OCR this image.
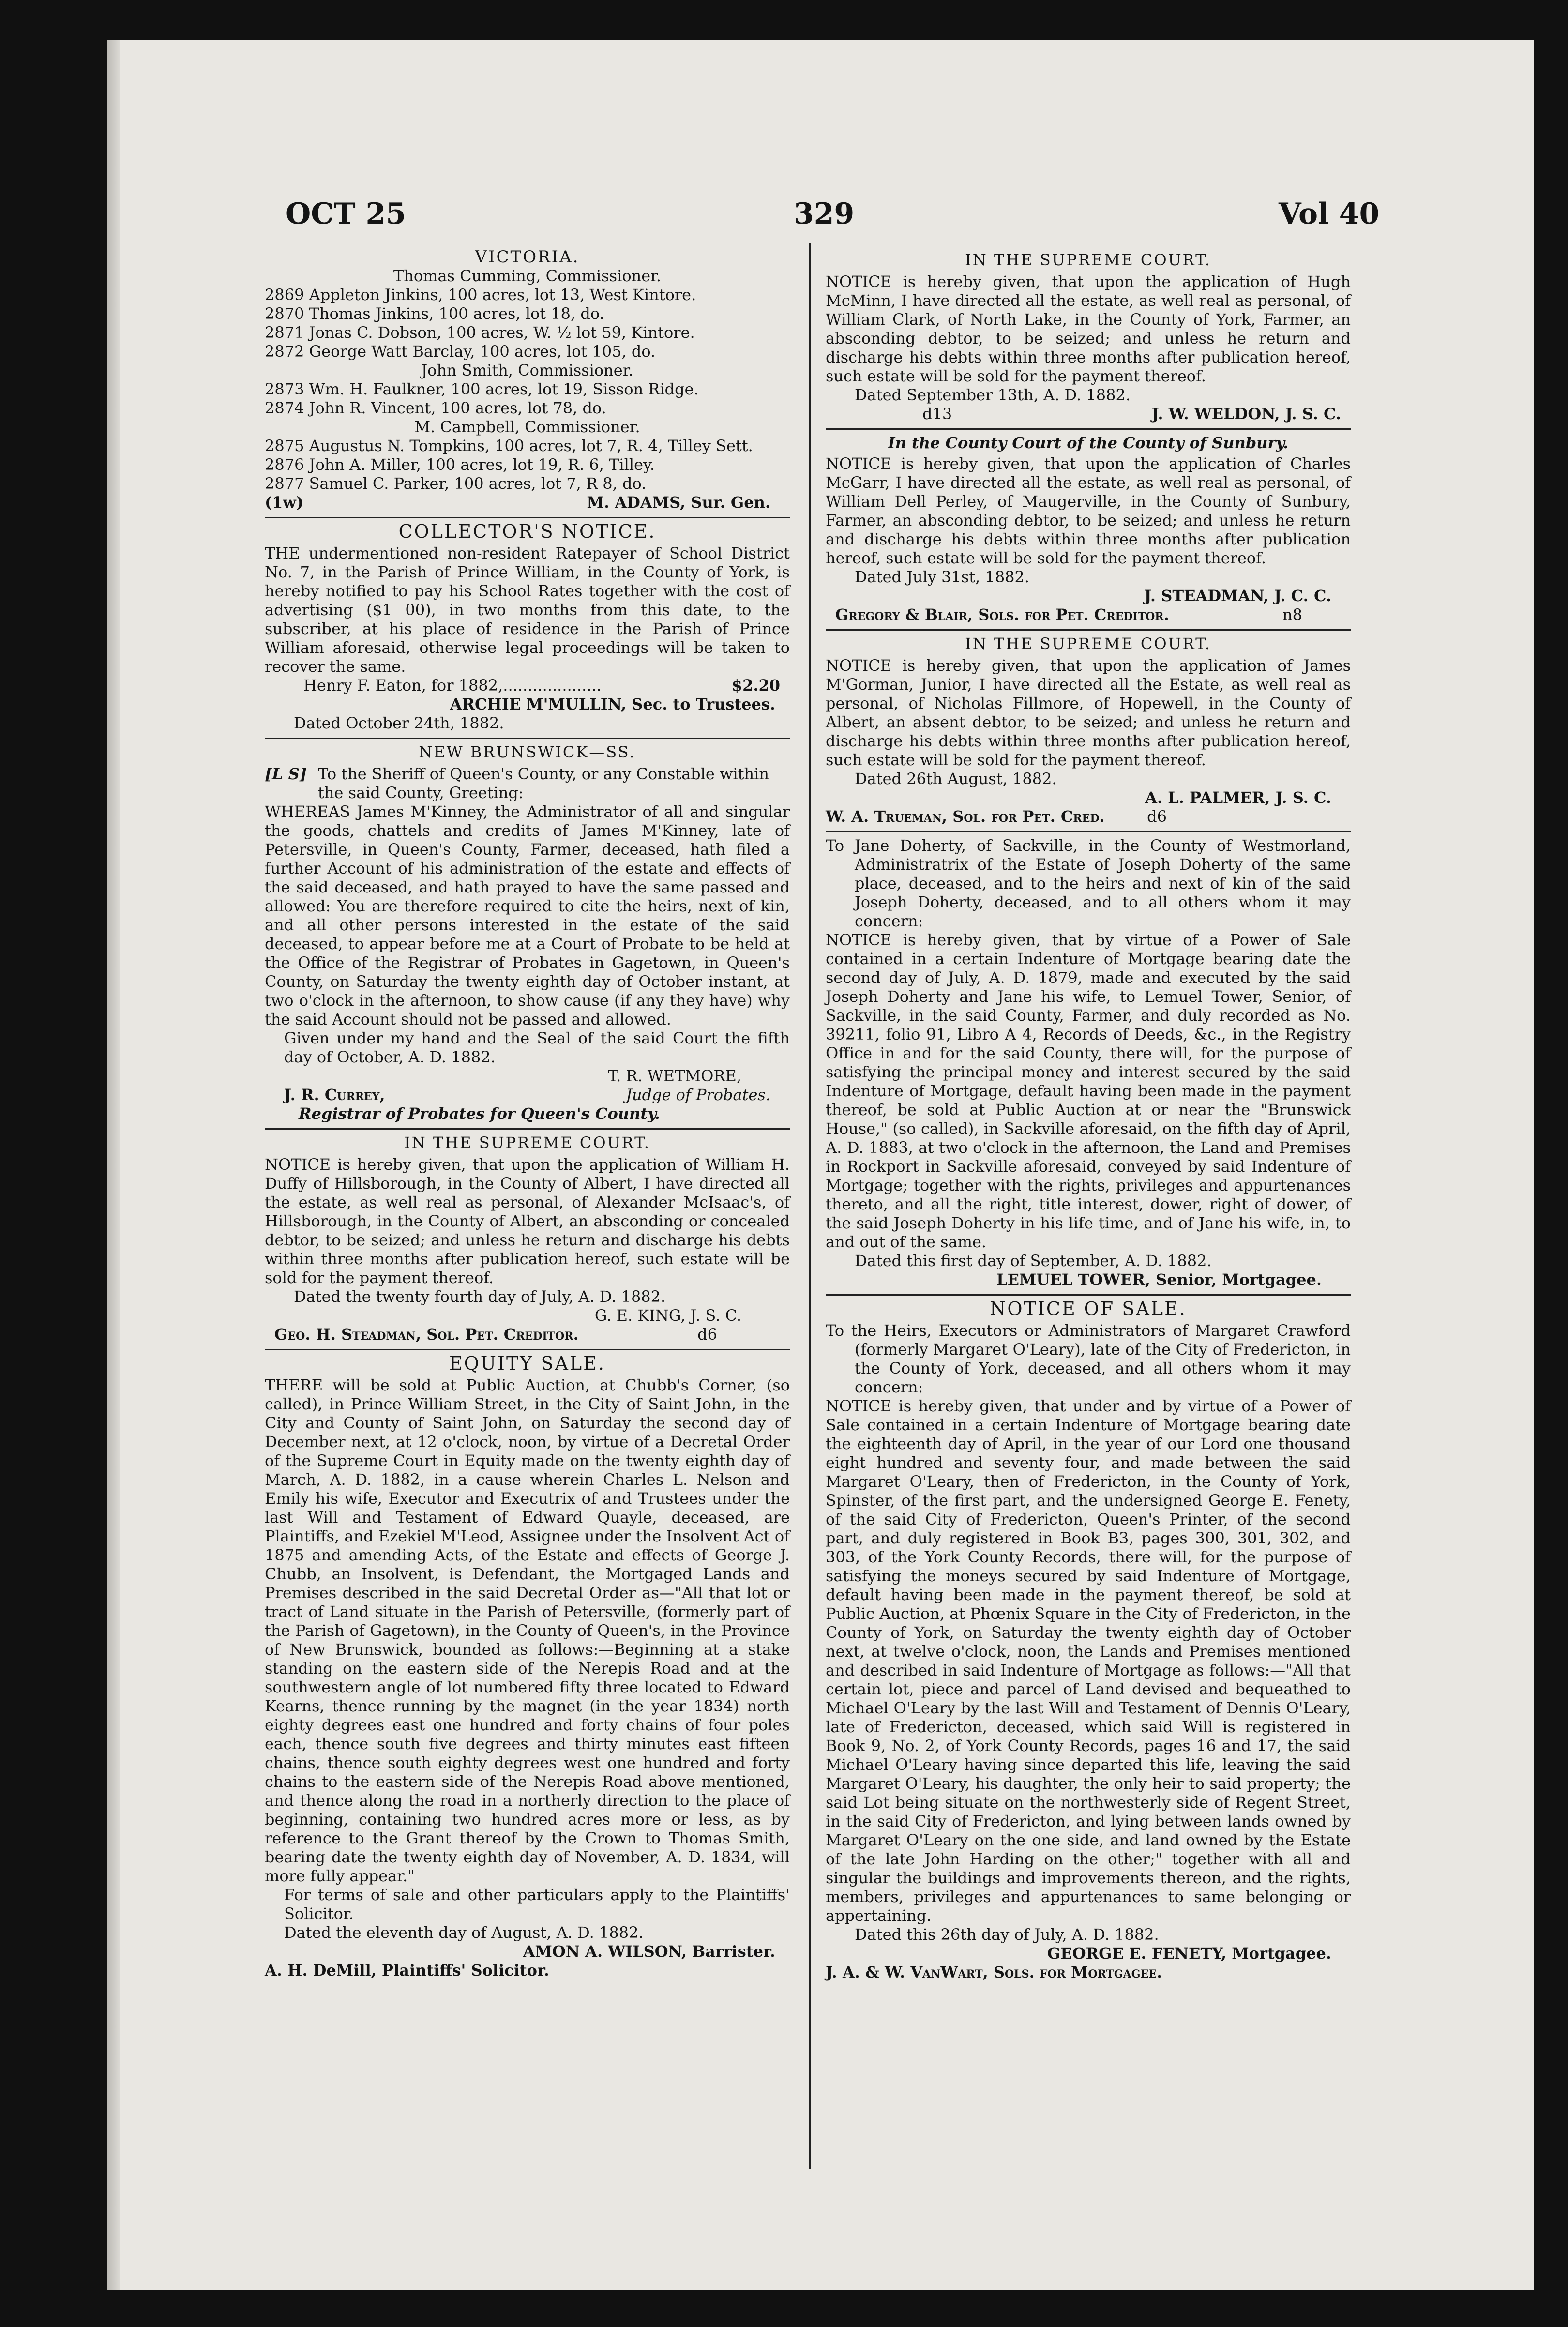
OCT 25	329	Vol 40
VICTORIA.
Thomas Cumming, Commissioner.
2869 Appleton Jinkins, 100 acres, lot 13, West Kintore.
2870 Thomas Jinkins, 100 acres, lot 18, do.
2871 Jonas C. Dobson, 100 acres, W. ½ lot 59, Kintore.
2872 George Watt Barclay, 100 acres, lot 105, do.
John Smith, Commissioner.
2873 Wm. H. Faulkner, 100 acres, lot 19, Sisson Ridge.
2874 John R. Vincent, 100 acres, lot 78, do.
M. Campbell, Commissioner.
2875 Augustus N. Tompkins, 100 acres, lot 7, R. 4, Tilley Sett.
2876 John A. Miller, 100 acres, lot 19, R. 6, Tilley.
2877 Samuel C. Parker, 100 acres, lot 7, R 8, do.
(1w)	M. ADAMS, Sur. Gen.
COLLECTOR'S NOTICE.

THE undermentioned non-resident Ratepayer of School District No. 7, in the Parish of Prince William, in the County of York, is hereby notified to pay his School Rates together with the cost of advertising ($1 00), in two months from this date, to the subscriber, at his place of residence in the Parish of Prince William aforesaid, otherwise legal proceedings will be taken to recover the same.

Henry F. Eaton, for 1882,....................	$2.20
ARCHIE M'MULLIN, Sec. to Trustees.
Dated October 24th, 1882.
NEW BRUNSWICK—SS.
[L S] To the Sheriff of Queen's County, or any Constable within the said County, Greeting:

WHEREAS James M'Kinney, the Administrator of all and singular the goods, chattels and credits of James M'Kinney, late of Petersville, in Queen's County, Farmer, deceased, hath filed a further Account of his administration of the estate and effects of the said deceased, and hath prayed to have the same passed and allowed: You are therefore required to cite the heirs, next of kin, and all other persons interested in the estate of the said deceased, to appear before me at a Court of Probate to be held at the Office of the Registrar of Probates in Gagetown, in Queen's County, on Saturday the twenty eighth day of October instant, at two o'clock in the afternoon, to show cause (if any they have) why the said Account should not be passed and allowed.

Given under my hand and the Seal of the said Court the fifth day of October, A. D. 1882.

T. R. WETMORE,
J. R. Currey,	Judge of Probates.
Registrar of Probates for Queen's County.
IN THE SUPREME COURT.

NOTICE is hereby given, that upon the application of William H. Duffy of Hillsborough, in the County of Albert, I have directed all the estate, as well real as personal, of Alexander McIsaac's, of Hillsborough, in the County of Albert, an absconding or concealed debtor, to be seized; and unless he return and discharge his debts within three months after publication hereof, such estate will be sold for the payment thereof.

Dated the twenty fourth day of July, A. D. 1882.
G. E. KING, J. S. C.
Geo. H. Steadman, Sol. Pet. Creditor.	d6
EQUITY SALE.

THERE will be sold at Public Auction, at Chubb's Corner, (so called), in Prince William Street, in the City of Saint John, in the City and County of Saint John, on Saturday the second day of December next, at 12 o'clock, noon, by virtue of a Decretal Order of the Supreme Court in Equity made on the twenty eighth day of March, A. D. 1882, in a cause wherein Charles L. Nelson and Emily his wife, Executor and Executrix of and Trustees under the last Will and Testament of Edward Quayle, deceased, are Plaintiffs, and Ezekiel M'Leod, Assignee under the Insolvent Act of 1875 and amending Acts, of the Estate and effects of George J. Chubb, an Insolvent, is Defendant, the Mortgaged Lands and Premises described in the said Decretal Order as—"All that lot or tract of Land situate in the Parish of Petersville, (formerly part of the Parish of Gagetown), in the County of Queen's, in the Province of New Brunswick, bounded as follows:—Beginning at a stake standing on the eastern side of the Nerepis Road and at the southwestern angle of lot numbered fifty three located to Edward Kearns, thence running by the magnet (in the year 1834) north eighty degrees east one hundred and forty chains of four poles each, thence south five degrees and thirty minutes east fifteen chains, thence south eighty degrees west one hundred and forty chains to the eastern side of the Nerepis Road above mentioned, and thence along the road in a northerly direction to the place of beginning, containing two hundred acres more or less, as by reference to the Grant thereof by the Crown to Thomas Smith, bearing date the twenty eighth day of November, A. D. 1834, will more fully appear."

For terms of sale and other particulars apply to the Plaintiffs' Solicitor.

Dated the eleventh day of August, A. D. 1882.
AMON A. WILSON, Barrister.
A. H. DeMill, Plaintiffs' Solicitor.
IN THE SUPREME COURT.

NOTICE is hereby given, that upon the application of Hugh McMinn, I have directed all the estate, as well real as personal, of William Clark, of North Lake, in the County of York, Farmer, an absconding debtor, to be seized; and unless he return and discharge his debts within three months after publication hereof, such estate will be sold for the payment thereof.

Dated September 13th, A. D. 1882.
d13	J. W. WELDON, J. S. C.
In the County Court of the County of Sunbury.

NOTICE is hereby given, that upon the application of Charles McGarr, I have directed all the estate, as well real as personal, of William Dell Perley, of Maugerville, in the County of Sunbury, Farmer, an absconding debtor, to be seized; and unless he return and discharge his debts within three months after publication hereof, such estate will be sold for the payment thereof.

Dated July 31st, 1882.
J. STEADMAN, J. C. C.
Gregory & Blair, Sols. for Pet. Creditor.	n8
IN THE SUPREME COURT.

NOTICE is hereby given, that upon the application of James M'Gorman, Junior, I have directed all the Estate, as well real as personal, of Nicholas Fillmore, of Hopewell, in the County of Albert, an absent debtor, to be seized; and unless he return and discharge his debts within three months after publication hereof, such estate will be sold for the payment thereof.

Dated 26th August, 1882.
A. L. PALMER, J. S. C.
W. A. Trueman, Sol. for Pet. Cred.	d6

To Jane Doherty, of Sackville, in the County of Westmorland, Administratrix of the Estate of Joseph Doherty of the same place, deceased, and to the heirs and next of kin of the said Joseph Doherty, deceased, and to all others whom it may concern:

NOTICE is hereby given, that by virtue of a Power of Sale contained in a certain Indenture of Mortgage bearing date the second day of July, A. D. 1879, made and executed by the said Joseph Doherty and Jane his wife, to Lemuel Tower, Senior, of Sackville, in the said County, Farmer, and duly recorded as No. 39211, folio 91, Libro A 4, Records of Deeds, &c., in the Registry Office in and for the said County, there will, for the purpose of satisfying the principal money and interest secured by the said Indenture of Mortgage, default having been made in the payment thereof, be sold at Public Auction at or near the "Brunswick House," (so called), in Sackville aforesaid, on the fifth day of April, A. D. 1883, at two o'clock in the afternoon, the Land and Premises in Rockport in Sackville aforesaid, conveyed by said Indenture of Mortgage; together with the rights, privileges and appurtenances thereto, and all the right, title interest, dower, right of dower, of the said Joseph Doherty in his life time, and of Jane his wife, in, to and out of the same.

Dated this first day of September, A. D. 1882.
LEMUEL TOWER, Senior, Mortgagee.
NOTICE OF SALE.

To the Heirs, Executors or Administrators of Margaret Crawford (formerly Margaret O'Leary), late of the City of Fredericton, in the County of York, deceased, and all others whom it may concern:

NOTICE is hereby given, that under and by virtue of a Power of Sale contained in a certain Indenture of Mortgage bearing date the eighteenth day of April, in the year of our Lord one thousand eight hundred and seventy four, and made between the said Margaret O'Leary, then of Fredericton, in the County of York, Spinster, of the first part, and the undersigned George E. Fenety, of the said City of Fredericton, Queen's Printer, of the second part, and duly registered in Book B3, pages 300, 301, 302, and 303, of the York County Records, there will, for the purpose of satisfying the moneys secured by said Indenture of Mortgage, default having been made in the payment thereof, be sold at Public Auction, at Phœnix Square in the City of Fredericton, in the County of York, on Saturday the twenty eighth day of October next, at twelve o'clock, noon, the Lands and Premises mentioned and described in said Indenture of Mortgage as follows:—"All that certain lot, piece and parcel of Land devised and bequeathed to Michael O'Leary by the last Will and Testament of Dennis O'Leary, late of Fredericton, deceased, which said Will is registered in Book 9, No. 2, of York County Records, pages 16 and 17, the said Michael O'Leary having since departed this life, leaving the said Margaret O'Leary, his daughter, the only heir to said property; the said Lot being situate on the northwesterly side of Regent Street, in the said City of Fredericton, and lying between lands owned by Margaret O'Leary on the one side, and land owned by the Estate of the late John Harding on the other;" together with all and singular the buildings and improvements thereon, and the rights, members, privileges and appurtenances to same belonging or appertaining.

Dated this 26th day of July, A. D. 1882.
GEORGE E. FENETY, Mortgagee.
J. A. & W. VanWart, Sols. for Mortgagee.
